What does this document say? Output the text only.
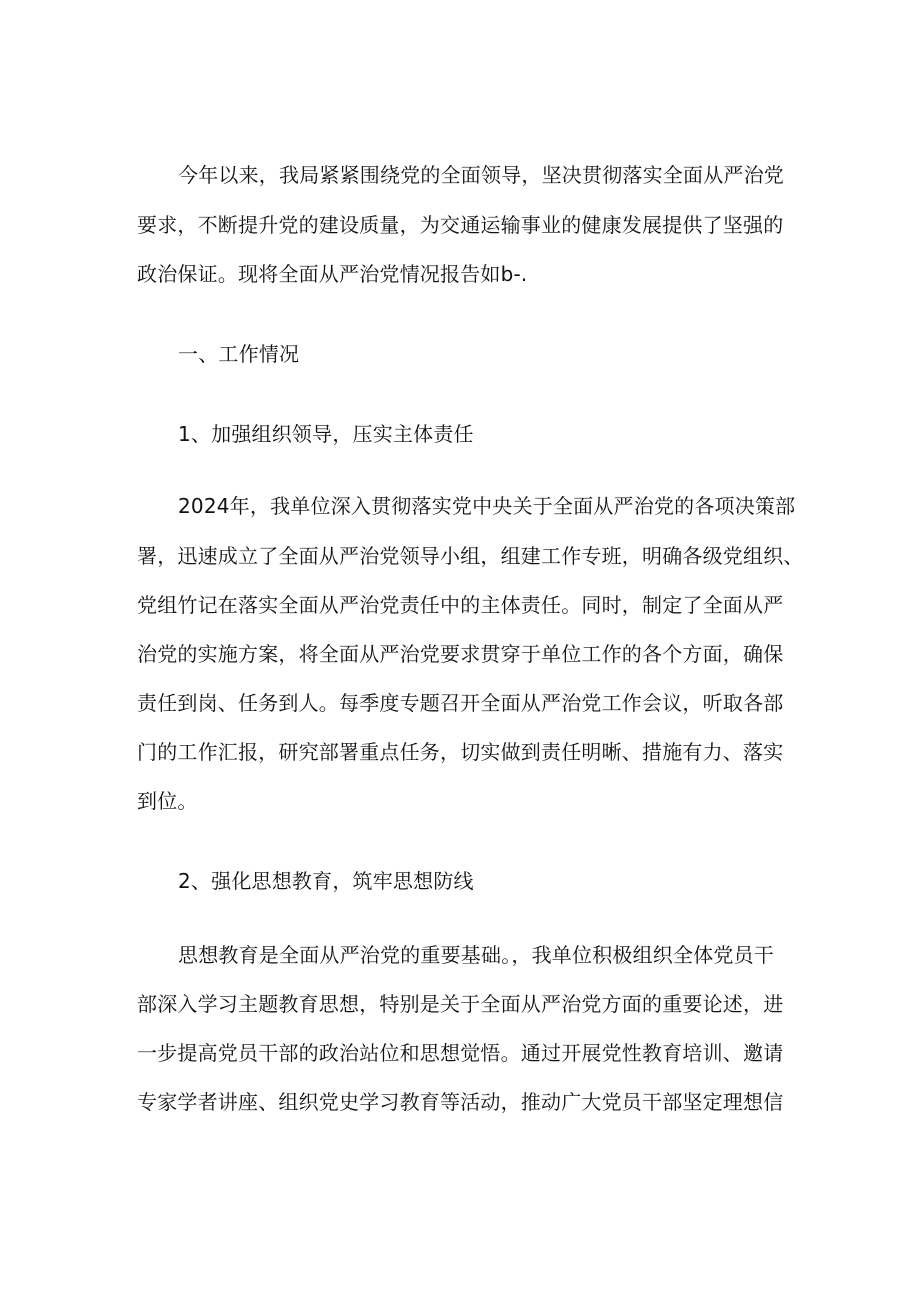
今年以来，我局紧紧围绕党的全面领导，坚决贯彻落实全面从严治党
要求，不断提升党的建设质量，为交通运输事业的健康发展提供了坚强的
政治保证。现将全面从严治党情况报告如b-.
一、工作情况
1、加强组织领导，压实主体责任
2024年，我单位深入贯彻落实党中央关于全面从严治党的各项决策部
署，迅速成立了全面从严治党领导小组，组建工作专班，明确各级党组织、
党组竹记在落实全面从严治党责任中的主体责任。同时，制定了全面从严
治党的实施方案，将全面从严治党要求贯穿于单位工作的各个方面，确保
责任到岗、任务到人。每季度专题召开全面从严治党工作会议，听取各部
门的工作汇报，研究部署重点任务，切实做到责任明晰、措施有力、落实
到位。
2、强化思想教育，筑牢思想防线
思想教育是全面从严治党的重要基础。，我单位积极组织全体党员干
部深入学习主题教育思想，特别是关于全面从严治党方面的重要论述，进
一步提高党员干部的政治站位和思想觉悟。通过开展党性教育培训、邀请
专家学者讲座、组织党史学习教育等活动，推动广大党员干部坚定理想信
